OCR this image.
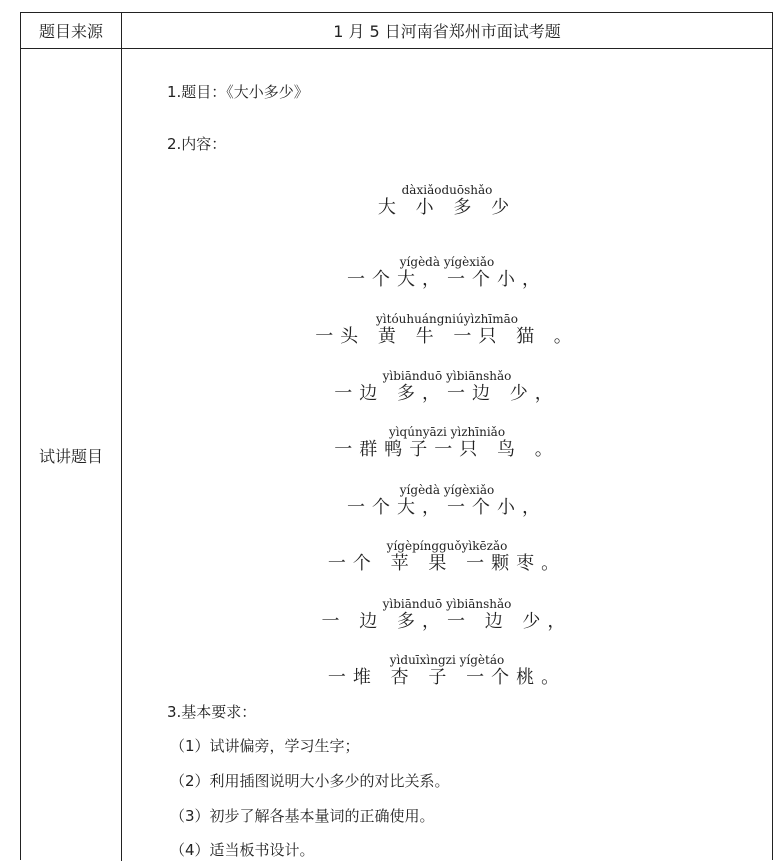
题目来源	1 月 5 日河南省郑州市面试考题
试讲题目
1.题目：《大小多少》
2.内容：
dàxiǎoduōshǎo
大 小 多 少
yígèdà yígèxiǎo
一个大，一个小，
yìtóuhuángniúyìzhīmāo
一头 黄 牛 一只 猫 。
yìbiānduō yìbiānshǎo
一边 多，一边 少，
yìqúnyāzi yìzhīniǎo
一群鸭子一只 鸟 。
yígèdà yígèxiǎo
一个大，一个小，
yígèpíngguǒyìkēzǎo
一个 苹 果 一颗枣。
yìbiānduō yìbiānshǎo
一 边 多，一 边 少，
yìduīxìngzi yígètáo
一堆 杏 子 一个桃。
3.基本要求：
（1）试讲偏旁，学习生字；
（2）利用插图说明大小多少的对比关系。
（3）初步了解各基本量词的正确使用。
（4）适当板书设计。
